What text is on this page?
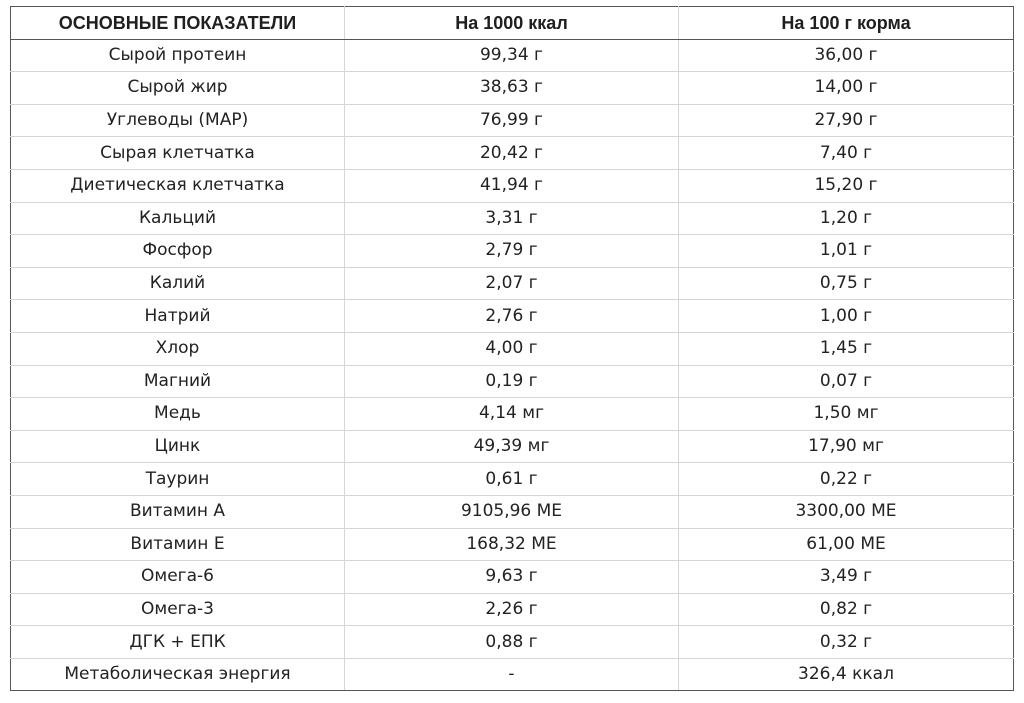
ОСНОВНЫЕ ПОКАЗАТЕЛИ	На 1000 ккал	На 100 г корма
Сырой протеин	99,34 г	36,00 г
Сырой жир	38,63 г	14,00 г
Углеводы (МАР)	76,99 г	27,90 г
Сырая клетчатка	20,42 г	7,40 г
Диетическая клетчатка	41,94 г	15,20 г
Кальций	3,31 г	1,20 г
Фосфор	2,79 г	1,01 г
Калий	2,07 г	0,75 г
Натрий	2,76 г	1,00 г
Хлор	4,00 г	1,45 г
Магний	0,19 г	0,07 г
Медь	4,14 мг	1,50 мг
Цинк	49,39 мг	17,90 мг
Таурин	0,61 г	0,22 г
Витамин А	9105,96 МЕ	3300,00 МЕ
Витамин Е	168,32 МЕ	61,00 МЕ
Омега-6	9,63 г	3,49 г
Омега-3	2,26 г	0,82 г
ДГК + ЕПК	0,88 г	0,32 г
Метаболическая энергия	-	326,4 ккал
